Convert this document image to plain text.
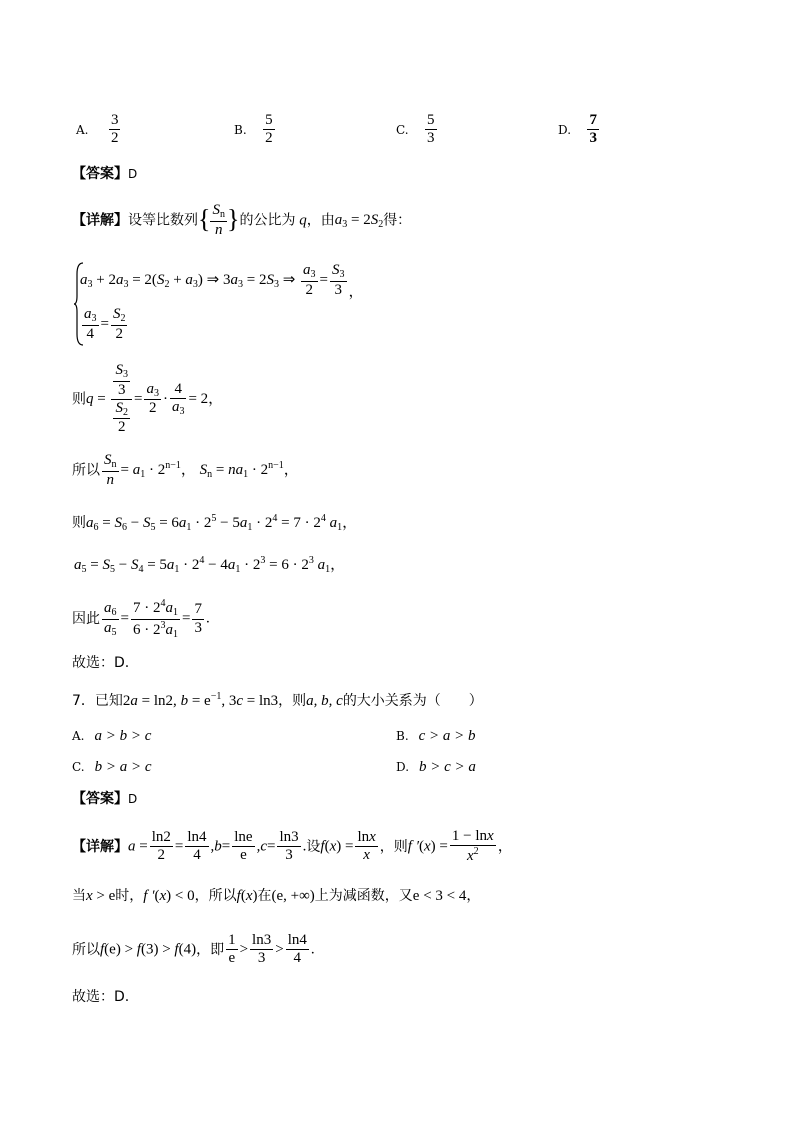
A. $\frac{3}{2}$	B. $\frac{5}{2}$	C. $\frac{5}{3}$	D. $\frac{7}{3}$
【答案】D
【详解】设等比数列{ $\frac{S_n}{n}$ }的公比为 q，由$a_3 = 2S_2$得：
$a_3 + 2a_3 = 2(S_2 + a_3)$ ⇒ $3a_3 = 2S_3$ ⇒ $\frac{a_3}{2} = \frac{S_3}{3}$ ，
$\frac{a_3}{4} = \frac{S_2}{2}$
则$q = \frac{\frac{S_3}{3}}{\frac{S_2}{2}} = \frac{a_3}{2} \cdot \frac{4}{a_3} = 2$，
所以 $\frac{S_n}{n} = a_1 \cdot 2^{n-1}$， $S_n = na_1 \cdot 2^{n-1}$，
则$a_6 = S_6 - S_5 = 6a_1 \cdot 2^5 - 5a_1 \cdot 2^4 = 7 \cdot 2^4$ $a_1$，
$a_5 = S_5 - S_4 = 5a_1 \cdot 2^4 - 4a_1 \cdot 2^3 = 6 \cdot 2^3$ $a_1$，
因此 $\frac{a_6}{a_5} = \frac{7 \cdot 2^4a_1}{6 \cdot 2^3a_1} = \frac{7}{3}$ .
故选：D.
7．已知2a = ln2, $b = e^{-1}$, 3c = ln3，则a, b, c的大小关系为（　　）
A. a > b > c	B. c > a > b
C. b > a > c	D. b > c > a
【答案】D
【详解】$a = \frac{\ln 2}{2} = \frac{\ln 4}{4} ,b= \frac{\ln e}{e} ,c= \frac{\ln 3}{3}$ .设$f(x) = \frac{\ln x}{x}$ ，则f $'(x) = \frac{1 - \ln x}{x^2}$ ，
当x > e时，f ′(x) < 0，所以f(x)在(e, +∞)上为减函数，又e < 3 < 4，
所以f(e) > f(3) > f(4)，即 $\frac{1}{e} > \frac{\ln 3}{3} > \frac{\ln 4}{4}$ .
故选：D.
